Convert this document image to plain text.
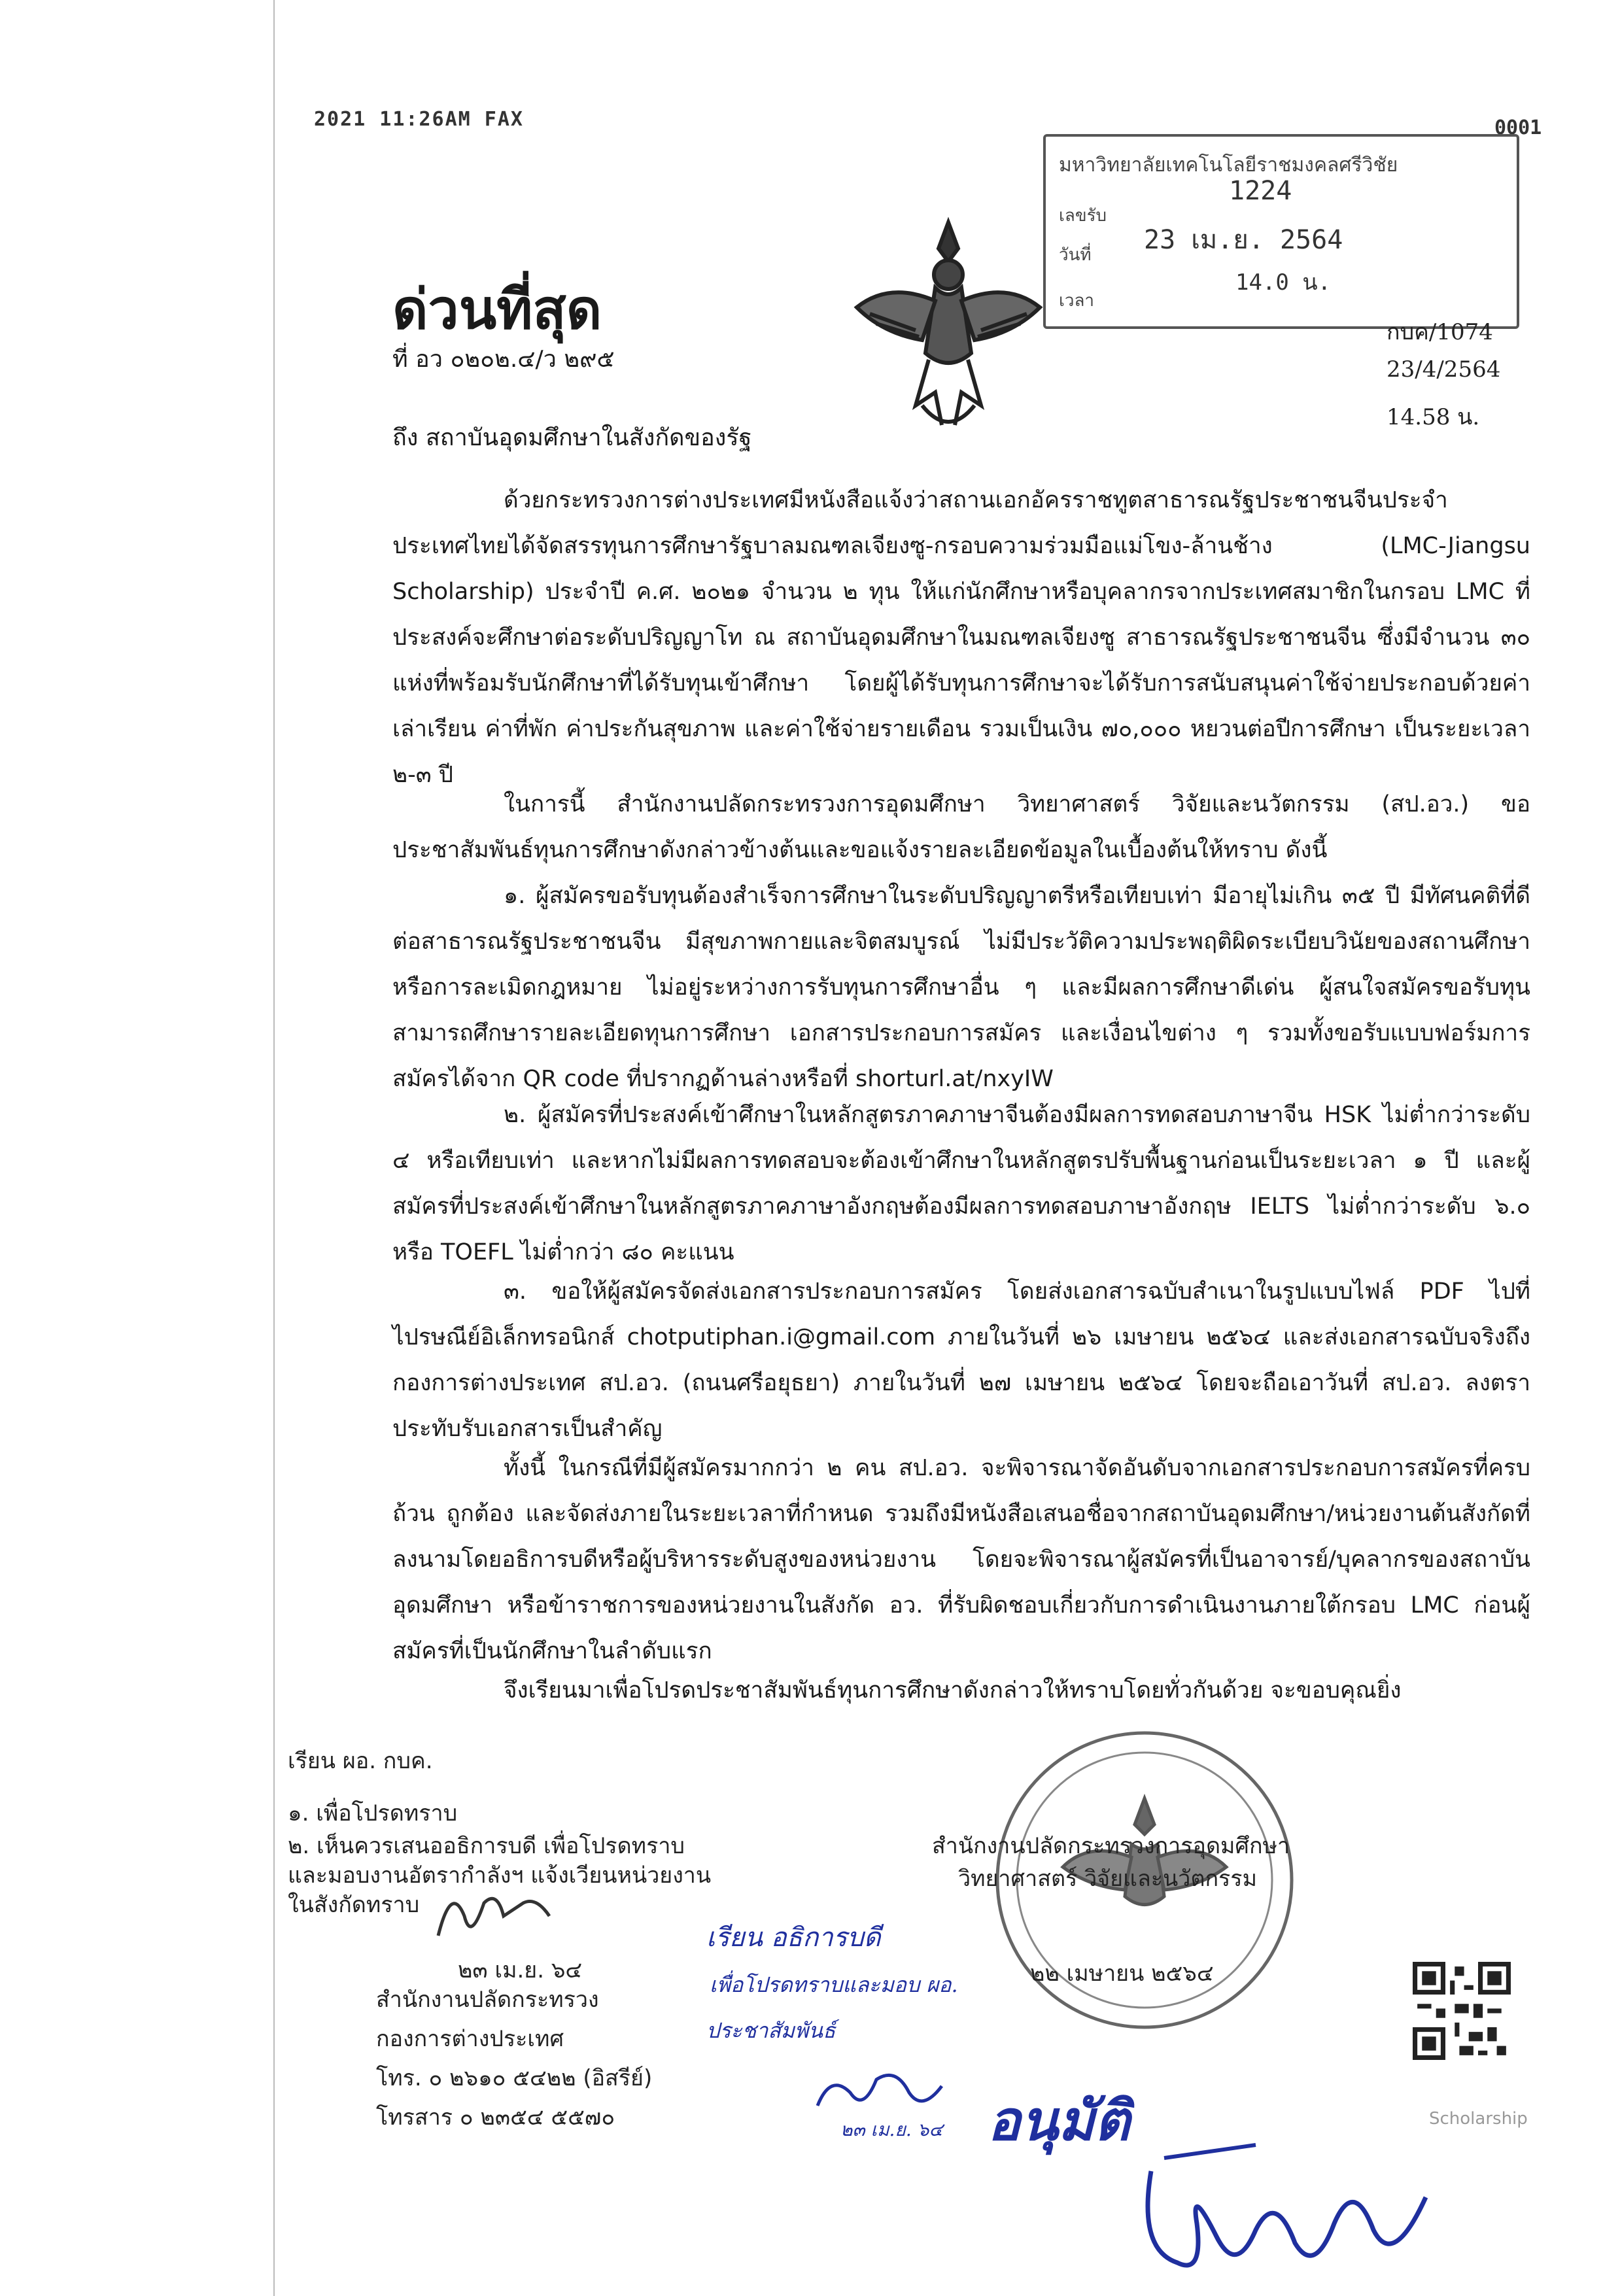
2021 11:26AM FAX	0001
มหาวิทยาลัยเทคโนโลยีราชมงคลศรีวิชัย
เลขรับ
1224
วันที่ 23 เม.ย. 2564
เวลา
14.0 น.
ด่วนที่สุด
ที่ อว ๐๒๐๒.๔/ว ๒๙๕
กบค/1074
23/4/2564
14.58 น.
ถึง สถาบันอุดมศึกษาในสังกัดของรัฐ
ด้วยกระทรวงการต่างประเทศมีหนังสือแจ้งว่าสถานเอกอัครราชทูตสาธารณรัฐประชาชนจีนประจำประเทศไทยได้จัดสรรทุนการศึกษารัฐบาลมณฑลเจียงซู-กรอบความร่วมมือแม่โขง-ล้านช้าง (LMC-Jiangsu Scholarship) ประจำปี ค.ศ. ๒๐๒๑ จำนวน ๒ ทุน ให้แก่นักศึกษาหรือบุคลากรจากประเทศสมาชิกในกรอบ LMC ที่ประสงค์จะศึกษาต่อระดับปริญญาโท ณ สถาบันอุดมศึกษาในมณฑลเจียงซู สาธารณรัฐประชาชนจีน ซึ่งมีจำนวน ๓๐ แห่งที่พร้อมรับนักศึกษาที่ได้รับทุนเข้าศึกษา โดยผู้ได้รับทุนการศึกษาจะได้รับการสนับสนุนค่าใช้จ่ายประกอบด้วยค่าเล่าเรียน ค่าที่พัก ค่าประกันสุขภาพ และค่าใช้จ่ายรายเดือน รวมเป็นเงิน ๗๐,๐๐๐ หยวนต่อปีการศึกษา เป็นระยะเวลา ๒-๓ ปี
ในการนี้ สำนักงานปลัดกระทรวงการอุดมศึกษา วิทยาศาสตร์ วิจัยและนวัตกรรม (สป.อว.) ขอประชาสัมพันธ์ทุนการศึกษาดังกล่าวข้างต้นและขอแจ้งรายละเอียดข้อมูลในเบื้องต้นให้ทราบ ดังนี้
๑. ผู้สมัครขอรับทุนต้องสำเร็จการศึกษาในระดับปริญญาตรีหรือเทียบเท่า มีอายุไม่เกิน ๓๕ ปี มีทัศนคติที่ดีต่อสาธารณรัฐประชาชนจีน มีสุขภาพกายและจิตสมบูรณ์ ไม่มีประวัติความประพฤติผิดระเบียบวินัยของสถานศึกษาหรือการละเมิดกฎหมาย ไม่อยู่ระหว่างการรับทุนการศึกษาอื่น ๆ และมีผลการศึกษาดีเด่น ผู้สนใจสมัครขอรับทุนสามารถศึกษารายละเอียดทุนการศึกษา เอกสารประกอบการสมัคร และเงื่อนไขต่าง ๆ รวมทั้งขอรับแบบฟอร์มการสมัครได้จาก QR code ที่ปรากฏด้านล่างหรือที่ shorturl.at/nxyIW
๒. ผู้สมัครที่ประสงค์เข้าศึกษาในหลักสูตรภาคภาษาจีนต้องมีผลการทดสอบภาษาจีน HSK ไม่ต่ำกว่าระดับ ๔ หรือเทียบเท่า และหากไม่มีผลการทดสอบจะต้องเข้าศึกษาในหลักสูตรปรับพื้นฐานก่อนเป็นระยะเวลา ๑ ปี และผู้สมัครที่ประสงค์เข้าศึกษาในหลักสูตรภาคภาษาอังกฤษต้องมีผลการทดสอบภาษาอังกฤษ IELTS ไม่ต่ำกว่าระดับ ๖.๐ หรือ TOEFL ไม่ต่ำกว่า ๘๐ คะแนน
๓. ขอให้ผู้สมัครจัดส่งเอกสารประกอบการสมัคร โดยส่งเอกสารฉบับสำเนาในรูปแบบไฟล์ PDF ไปที่ไปรษณีย์อิเล็กทรอนิกส์ chotputiphan.i@gmail.com ภายในวันที่ ๒๖ เมษายน ๒๕๖๔ และส่งเอกสารฉบับจริงถึงกองการต่างประเทศ สป.อว. (ถนนศรีอยุธยา) ภายในวันที่ ๒๗ เมษายน ๒๕๖๔ โดยจะถือเอาวันที่ สป.อว. ลงตราประทับรับเอกสารเป็นสำคัญ
ทั้งนี้ ในกรณีที่มีผู้สมัครมากกว่า ๒ คน สป.อว. จะพิจารณาจัดอันดับจากเอกสารประกอบการสมัครที่ครบถ้วน ถูกต้อง และจัดส่งภายในระยะเวลาที่กำหนด รวมถึงมีหนังสือเสนอชื่อจากสถาบันอุดมศึกษา/หน่วยงานต้นสังกัดที่ลงนามโดยอธิการบดีหรือผู้บริหารระดับสูงของหน่วยงาน โดยจะพิจารณาผู้สมัครที่เป็นอาจารย์/บุคลากรของสถาบันอุดมศึกษา หรือข้าราชการของหน่วยงานในสังกัด อว. ที่รับผิดชอบเกี่ยวกับการดำเนินงานภายใต้กรอบ LMC ก่อนผู้สมัครที่เป็นนักศึกษาในลำดับแรก
จึงเรียนมาเพื่อโปรดประชาสัมพันธ์ทุนการศึกษาดังกล่าวให้ทราบโดยทั่วกันด้วย จะขอบคุณยิ่ง
เรียน ผอ. กบค.
๑. เพื่อโปรดทราบ
๒. เห็นควรเสนออธิการบดี เพื่อโปรดทราบ
และมอบงานอัตรากำลังฯ แจ้งเวียนหน่วยงาน
ในสังกัดทราบ
๒๓ เม.ย. ๖๔
สำนักงานปลัดกระทรวง
กองการต่างประเทศ
โทร. ๐ ๒๖๑๐ ๕๔๒๒ (อิสรีย์)
โทรสาร ๐ ๒๓๕๔ ๕๕๗๐
สำนักงานปลัดกระทรวงการอุดมศึกษา
วิทยาศาสตร์ วิจัยและนวัตกรรม
๒๒ เมษายน ๒๕๖๔
เรียน อธิการบดี
เพื่อโปรดทราบและมอบ ผอ.
ประชาสัมพันธ์
๒๓ เม.ย. ๖๔ อนุมัติ	Scholarship
